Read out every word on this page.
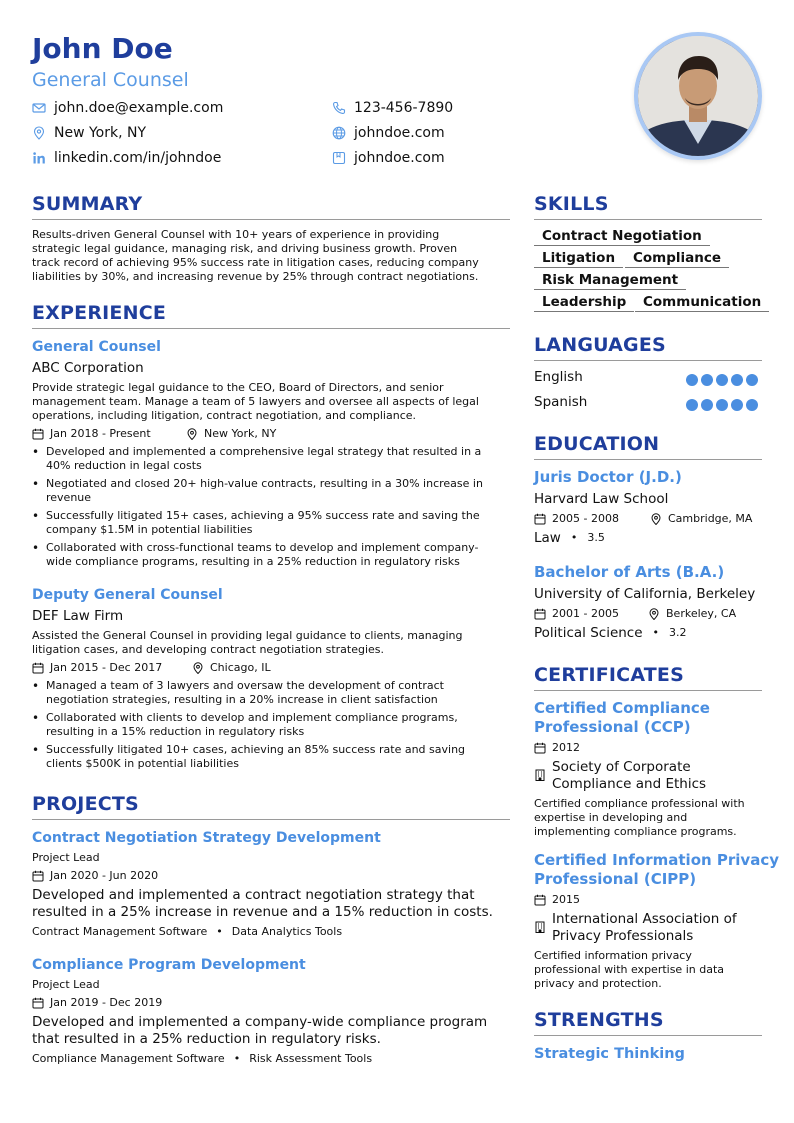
John Doe
General Counsel
john.doe@example.com	123-456-7890
New York, NY	johndoe.com
linkedin.com/in/johndoe	johndoe.com
SUMMARY
Results-driven General Counsel with 10+ years of experience in providing
strategic legal guidance, managing risk, and driving business growth. Proven
track record of achieving 95% success rate in litigation cases, reducing company
liabilities by 30%, and increasing revenue by 25% through contract negotiations.
EXPERIENCE
General Counsel
ABC Corporation
Provide strategic legal guidance to the CEO, Board of Directors, and senior
management team. Manage a team of 5 lawyers and oversee all aspects of legal
operations, including litigation, contract negotiation, and compliance.
Jan 2018 - Present	New York, NY
• Developed and implemented a comprehensive legal strategy that resulted in a
40% reduction in legal costs
• Negotiated and closed 20+ high-value contracts, resulting in a 30% increase in
revenue
• Successfully litigated 15+ cases, achieving a 95% success rate and saving the
company $1.5M in potential liabilities
• Collaborated with cross-functional teams to develop and implement company-
wide compliance programs, resulting in a 25% reduction in regulatory risks
Deputy General Counsel
DEF Law Firm
Assisted the General Counsel in providing legal guidance to clients, managing
litigation cases, and developing contract negotiation strategies.
Jan 2015 - Dec 2017	Chicago, IL
• Managed a team of 3 lawyers and oversaw the development of contract
negotiation strategies, resulting in a 20% increase in client satisfaction
• Collaborated with clients to develop and implement compliance programs,
resulting in a 15% reduction in regulatory risks
• Successfully litigated 10+ cases, achieving an 85% success rate and saving
clients $500K in potential liabilities
PROJECTS
Contract Negotiation Strategy Development
Project Lead
Jan 2020 - Jun 2020
Developed and implemented a contract negotiation strategy that
resulted in a 25% increase in revenue and a 15% reduction in costs.
Contract Management Software • Data Analytics Tools
Compliance Program Development
Project Lead
Jan 2019 - Dec 2019
Developed and implemented a company-wide compliance program
that resulted in a 25% reduction in regulatory risks.
Compliance Management Software • Risk Assessment Tools
SKILLS
Contract Negotiation
Litigation	Compliance
Risk Management
Leadership	Communication
LANGUAGES
English
Spanish
EDUCATION
Juris Doctor (J.D.)
Harvard Law School
2005 - 2008	Cambridge, MA
Law • 3.5
Bachelor of Arts (B.A.)
University of California, Berkeley
2001 - 2005	Berkeley, CA
Political Science • 3.2
CERTIFICATES
Certified Compliance
Professional (CCP)
2012
Society of Corporate
Compliance and Ethics
Certified compliance professional with
expertise in developing and
implementing compliance programs.
Certified Information Privacy
Professional (CIPP)
2015
International Association of
Privacy Professionals
Certified information privacy
professional with expertise in data
privacy and protection.
STRENGTHS
Strategic Thinking
